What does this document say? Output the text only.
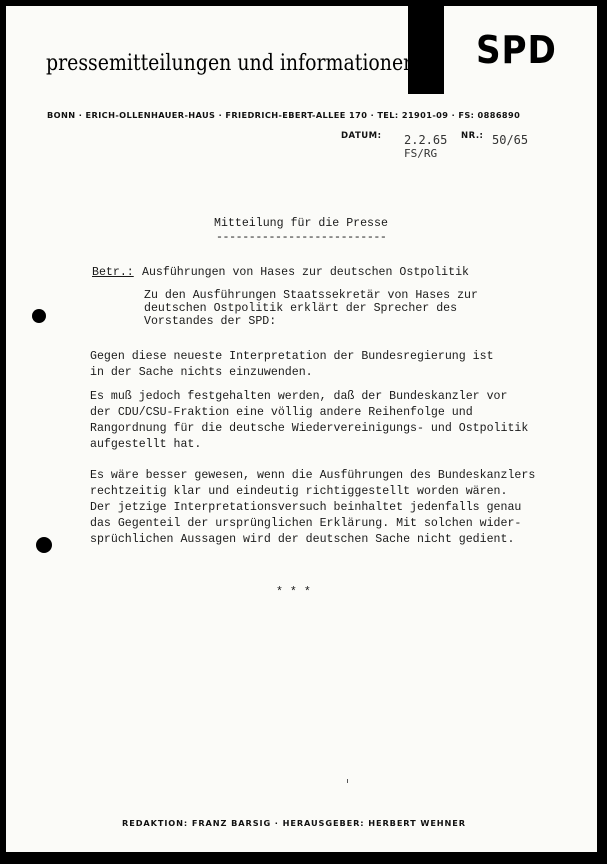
SPD
pressemitteilungen und informationen
BONN · ERICH-OLLENHAUER-HAUS · FRIEDRICH-EBERT-ALLEE 170 · TEL: 21901-09 · FS: 0886890
DATUM: 2.2.65 NR.: 50/65
FS/RG
Mitteilung für die Presse
--------------------------
Betr.: Ausführungen von Hases zur deutschen Ostpolitik
Zu den Ausführungen Staatssekretär von Hases zur
deutschen Ostpolitik erklärt der Sprecher des
Vorstandes der SPD:
Gegen diese neueste Interpretation der Bundesregierung ist
in der Sache nichts einzuwenden.
Es muß jedoch festgehalten werden, daß der Bundeskanzler vor
der CDU/CSU-Fraktion eine völlig andere Reihenfolge und
Rangordnung für die deutsche Wiedervereinigungs- und Ostpolitik
aufgestellt hat.
Es wäre besser gewesen, wenn die Ausführungen des Bundeskanzlers
rechtzeitig klar und eindeutig richtiggestellt worden wären.
Der jetzige Interpretationsversuch beinhaltet jedenfalls genau
das Gegenteil der ursprünglichen Erklärung. Mit solchen wider-
sprüchlichen Aussagen wird der deutschen Sache nicht gedient.
* * *
REDAKTION: FRANZ BARSIG · HERAUSGEBER: HERBERT WEHNER
